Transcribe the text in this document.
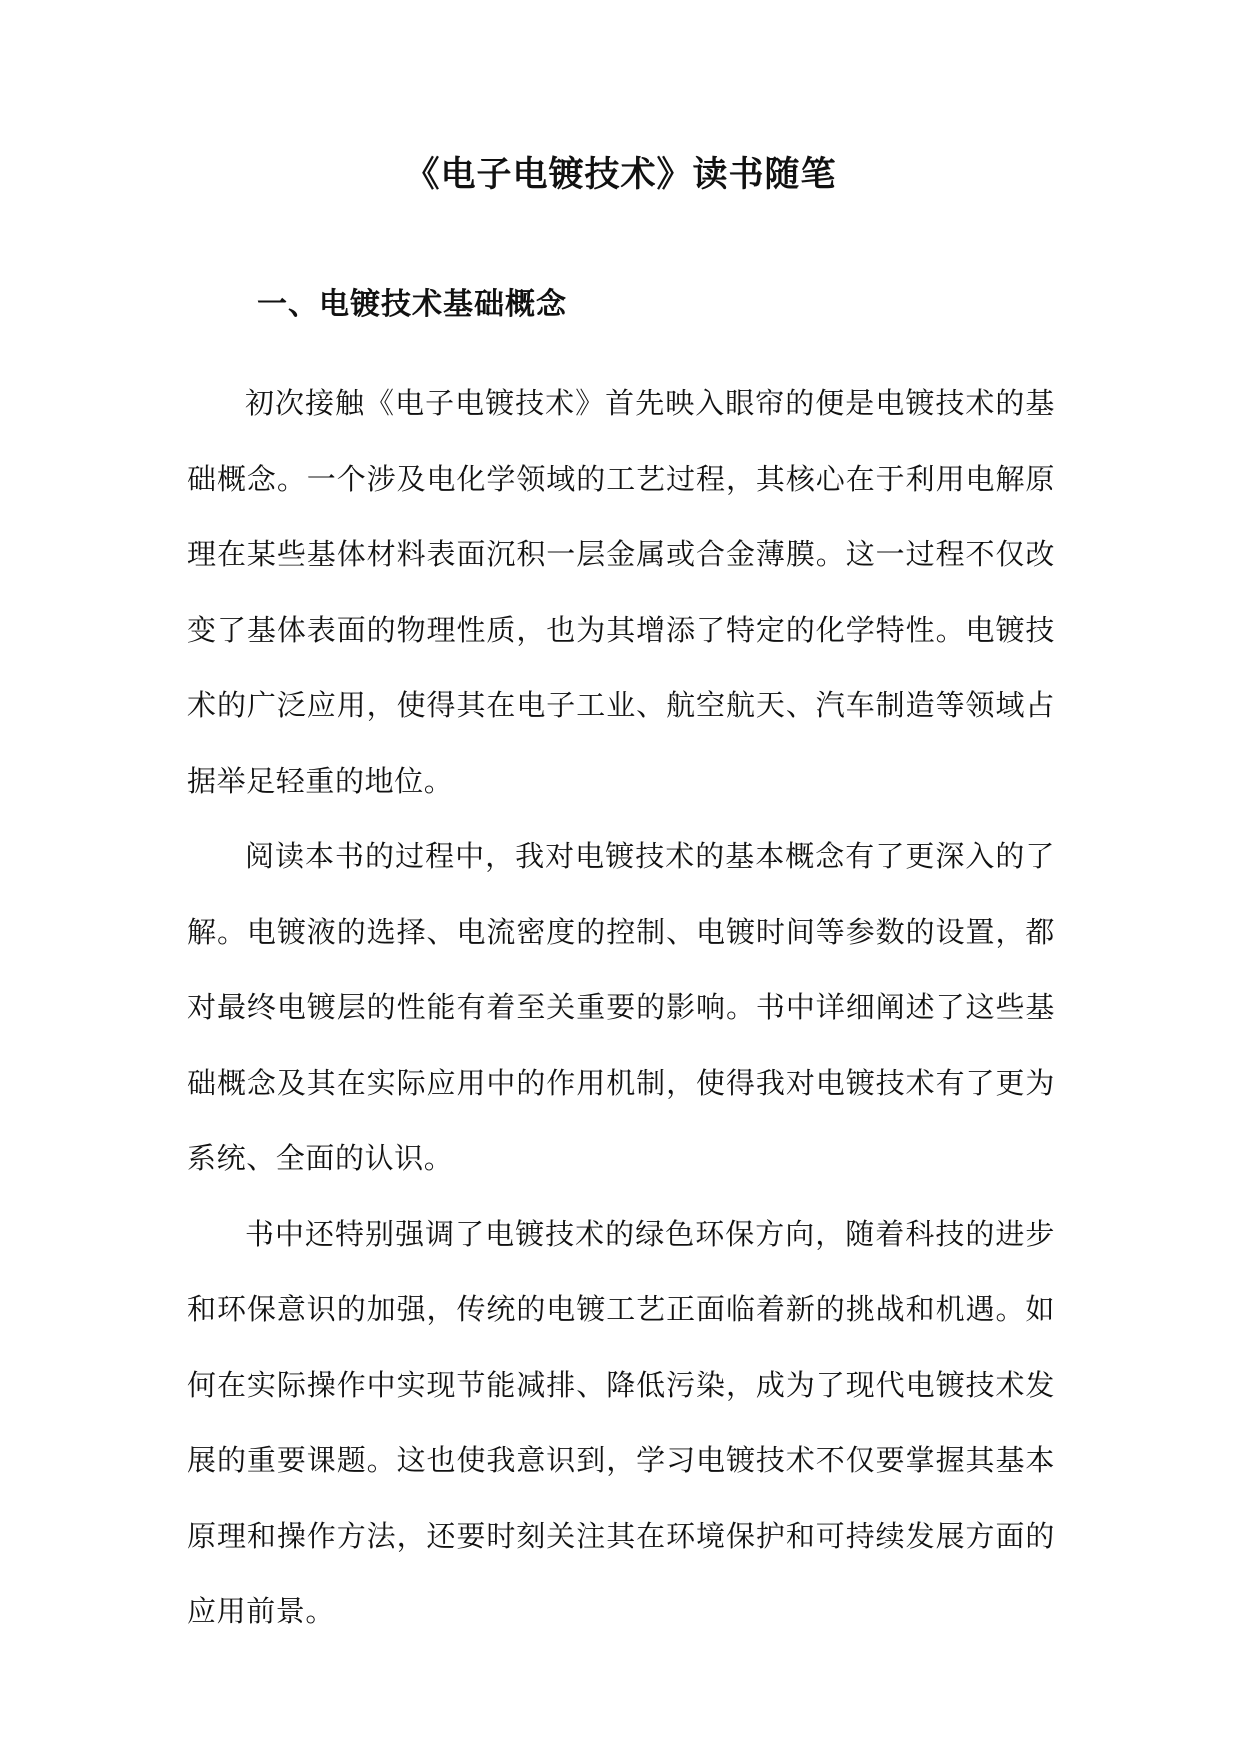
《电子电镀技术》读书随笔
一、电镀技术基础概念

初次接触《电子电镀技术》首先映入眼帘的便是电镀技术的基础概念。一个涉及电化学领域的工艺过程，其核心在于利用电解原理在某些基体材料表面沉积一层金属或合金薄膜。这一过程不仅改变了基体表面的物理性质，也为其增添了特定的化学特性。电镀技术的广泛应用，使得其在电子工业、航空航天、汽车制造等领域占据举足轻重的地位。

阅读本书的过程中，我对电镀技术的基本概念有了更深入的了解。电镀液的选择、电流密度的控制、电镀时间等参数的设置，都对最终电镀层的性能有着至关重要的影响。书中详细阐述了这些基础概念及其在实际应用中的作用机制，使得我对电镀技术有了更为系统、全面的认识。

书中还特别强调了电镀技术的绿色环保方向，随着科技的进步和环保意识的加强，传统的电镀工艺正面临着新的挑战和机遇。如何在实际操作中实现节能减排、降低污染，成为了现代电镀技术发展的重要课题。这也使我意识到，学习电镀技术不仅要掌握其基本原理和操作方法，还要时刻关注其在环境保护和可持续发展方面的应用前景。
